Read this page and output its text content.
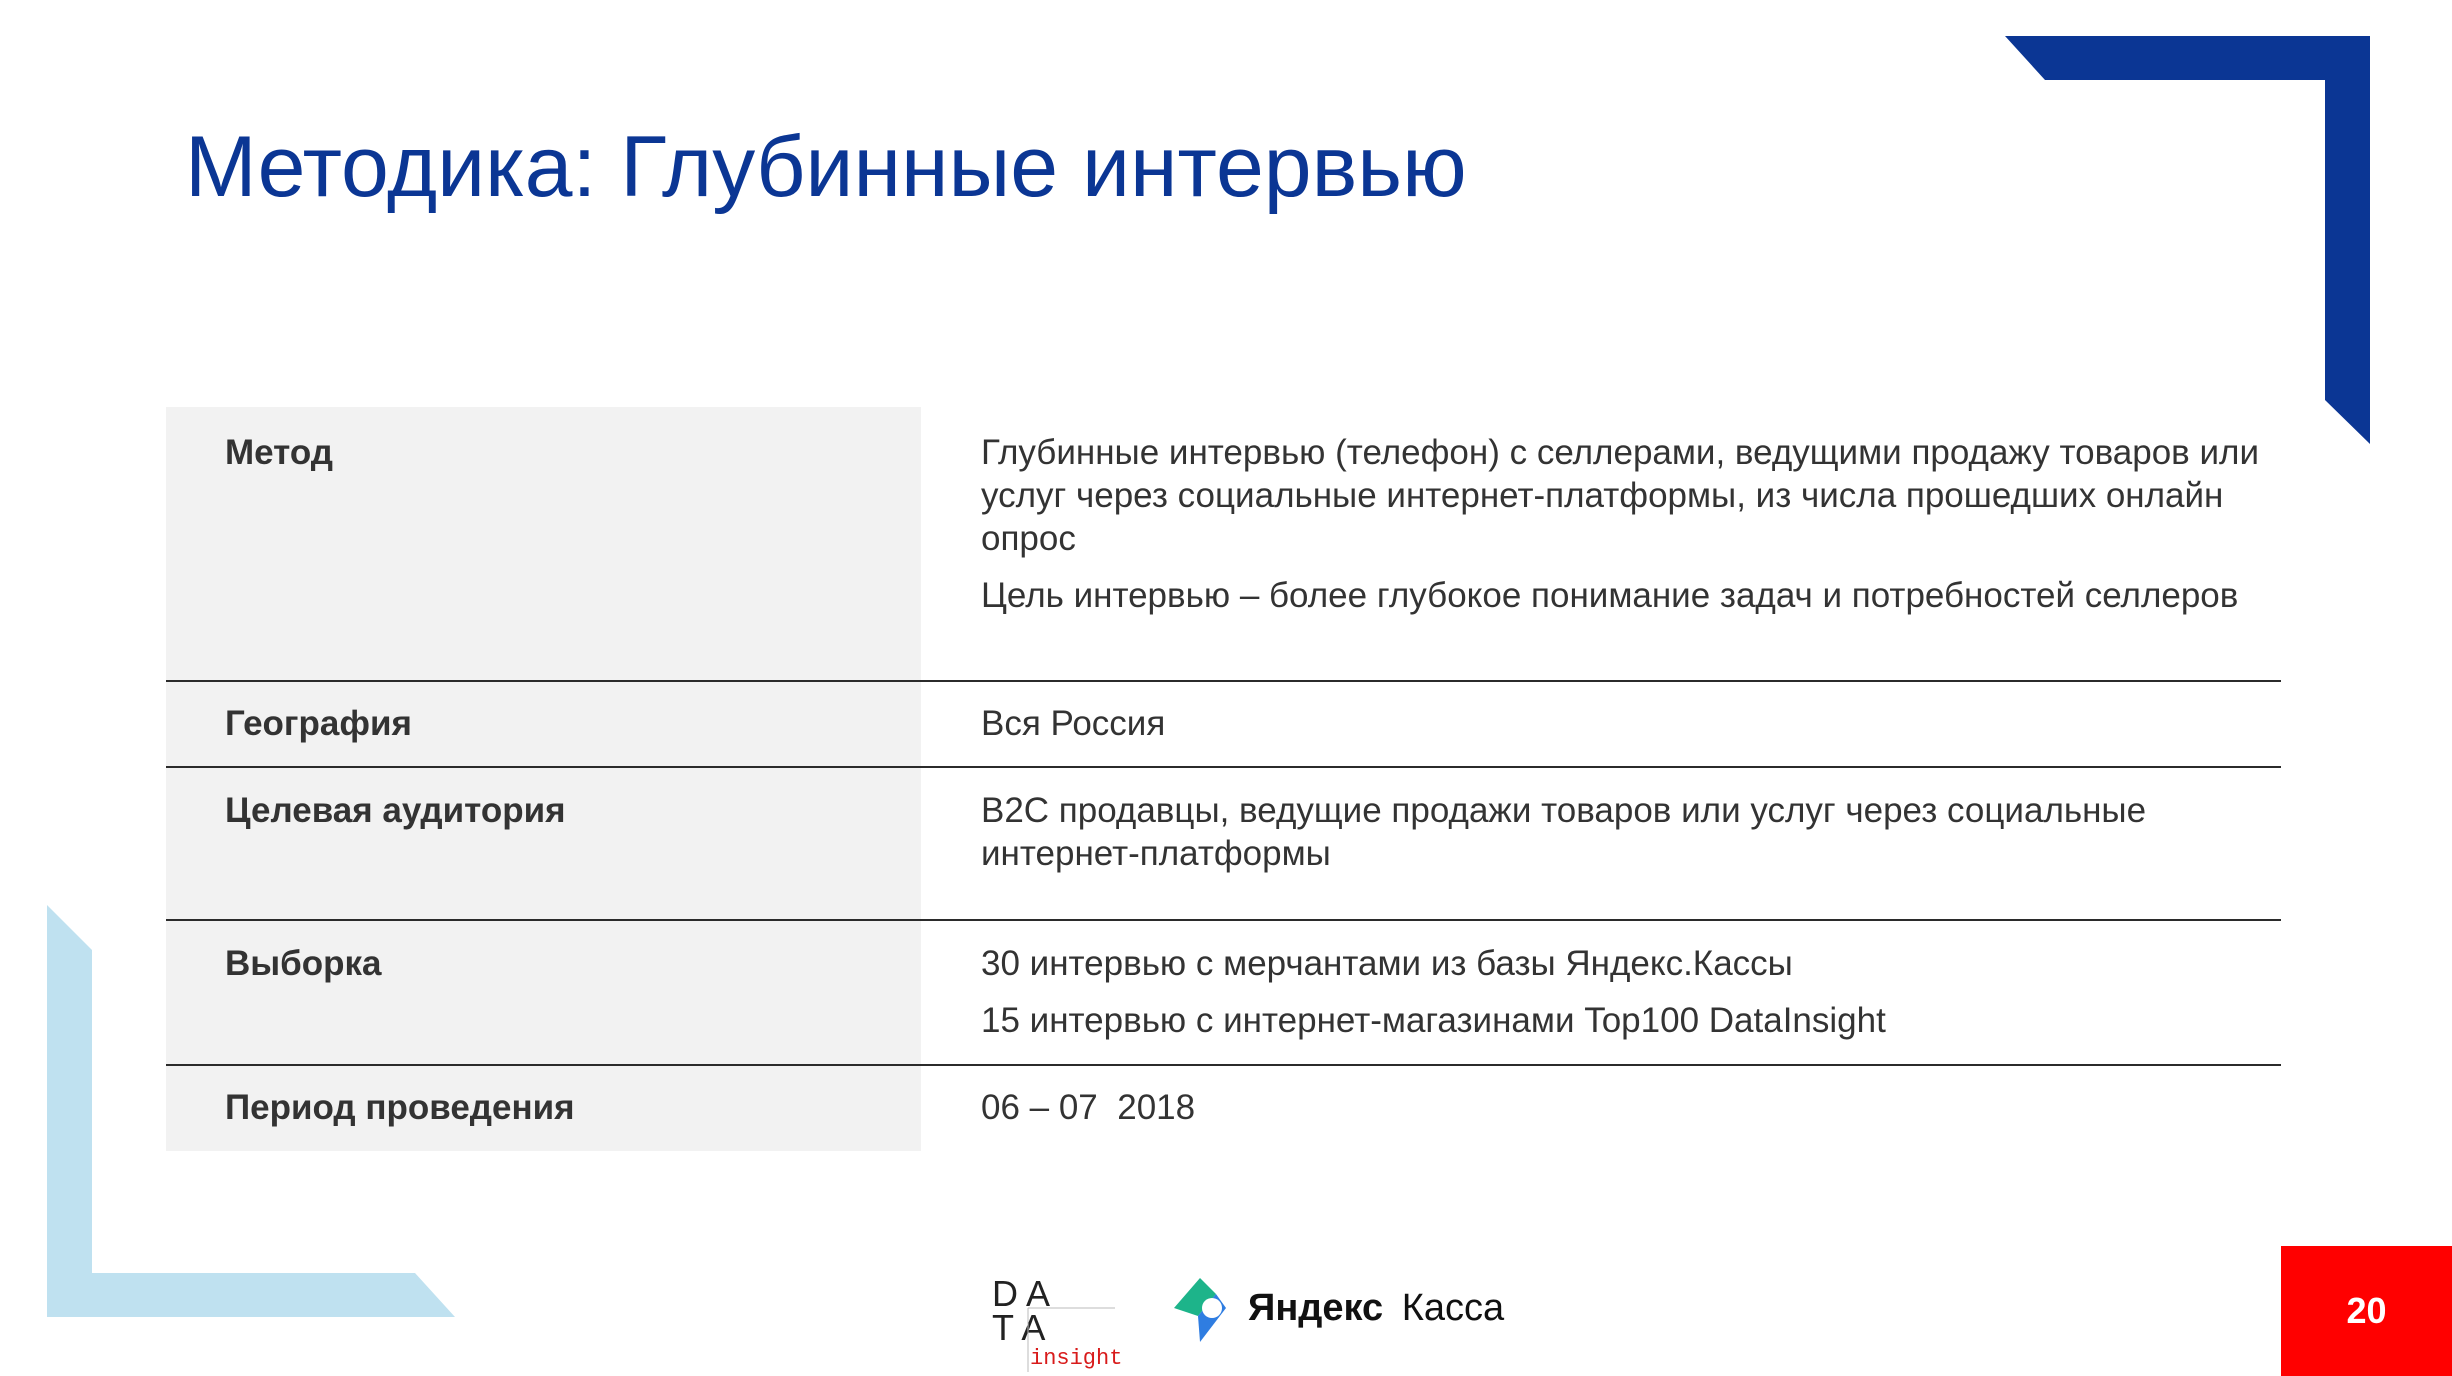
Методика: Глубинные интервью
Метод	Глубинные интервью (телефон) с селлерами, ведущими продажу товаров или услуг через социальные интернет-платформы, из числа прошедших онлайн опрос
Цель интервью – более глубокое понимание задач и потребностей селлеров

География	Вся Россия

Целевая аудитория	B2C продавцы, ведущие продажи товаров или услуг через социальные интернет-платформы

Выборка	30 интервью с мерчантами из базы Яндекс.Кассы
15 интервью с интернет-магазинами Top100 DataInsight

Период проведения	06 – 07  2018
D A
T A
insight
Яндекс Касса	20
